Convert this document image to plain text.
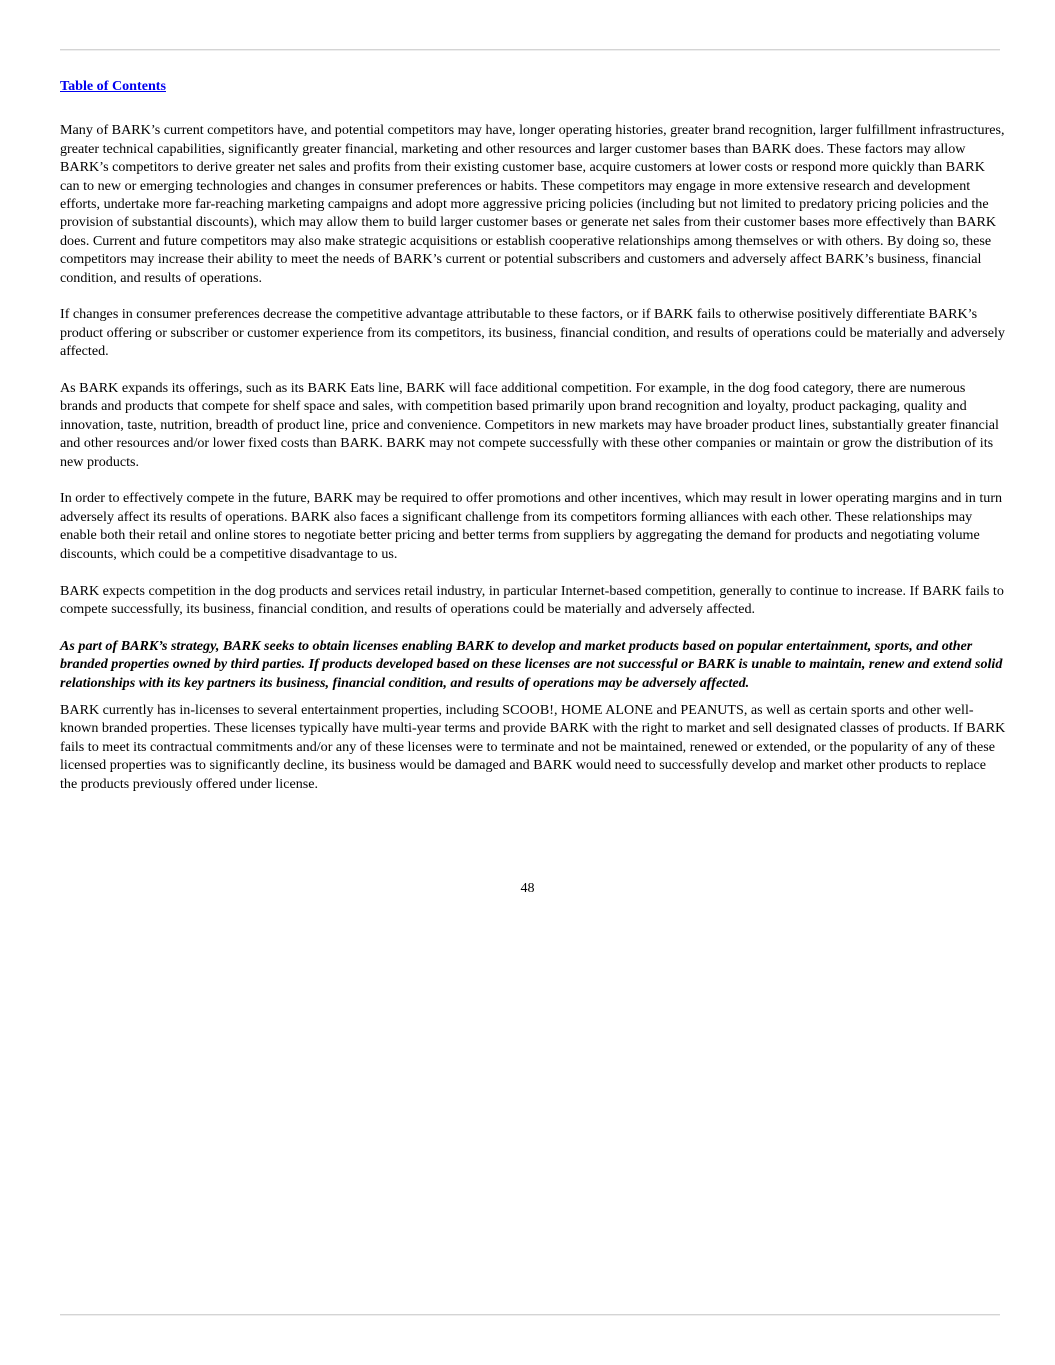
Table of Contents

Many of BARK’s current competitors have, and potential competitors may have, longer operating histories, greater brand recognition, larger fulfillment infrastructures, greater technical capabilities, significantly greater financial, marketing and other resources and larger customer bases than BARK does. These factors may allow BARK’s competitors to derive greater net sales and profits from their existing customer base, acquire customers at lower costs or respond more quickly than BARK can to new or emerging technologies and changes in consumer preferences or habits. These competitors may engage in more extensive research and development efforts, undertake more far-reaching marketing campaigns and adopt more aggressive pricing policies (including but not limited to predatory pricing policies and the provision of substantial discounts), which may allow them to build larger customer bases or generate net sales from their customer bases more effectively than BARK does. Current and future competitors may also make strategic acquisitions or establish cooperative relationships among themselves or with others. By doing so, these competitors may increase their ability to meet the needs of BARK’s current or potential subscribers and customers and adversely affect BARK’s business, financial condition, and results of operations.

If changes in consumer preferences decrease the competitive advantage attributable to these factors, or if BARK fails to otherwise positively differentiate BARK’s product offering or subscriber or customer experience from its competitors, its business, financial condition, and results of operations could be materially and adversely affected.

As BARK expands its offerings, such as its BARK Eats line, BARK will face additional competition. For example, in the dog food category, there are numerous brands and products that compete for shelf space and sales, with competition based primarily upon brand recognition and loyalty, product packaging, quality and innovation, taste, nutrition, breadth of product line, price and convenience. Competitors in new markets may have broader product lines, substantially greater financial and other resources and/or lower fixed costs than BARK. BARK may not compete successfully with these other companies or maintain or grow the distribution of its new products.

In order to effectively compete in the future, BARK may be required to offer promotions and other incentives, which may result in lower operating margins and in turn adversely affect its results of operations. BARK also faces a significant challenge from its competitors forming alliances with each other. These relationships may enable both their retail and online stores to negotiate better pricing and better terms from suppliers by aggregating the demand for products and negotiating volume discounts, which could be a competitive disadvantage to us.

BARK expects competition in the dog products and services retail industry, in particular Internet-based competition, generally to continue to increase. If BARK fails to compete successfully, its business, financial condition, and results of operations could be materially and adversely affected.

As part of BARK’s strategy, BARK seeks to obtain licenses enabling BARK to develop and market products based on popular entertainment, sports, and other branded properties owned by third parties. If products developed based on these licenses are not successful or BARK is unable to maintain, renew and extend solid relationships with its key partners its business, financial condition, and results of operations may be adversely affected.

BARK currently has in-licenses to several entertainment properties, including SCOOB!, HOME ALONE and PEANUTS, as well as certain sports and other well-known branded properties. These licenses typically have multi-year terms and provide BARK with the right to market and sell designated classes of products. If BARK fails to meet its contractual commitments and/or any of these licenses were to terminate and not be maintained, renewed or extended, or the popularity of any of these licensed properties was to significantly decline, its business would be damaged and BARK would need to successfully develop and market other products to replace the products previously offered under license.

48
